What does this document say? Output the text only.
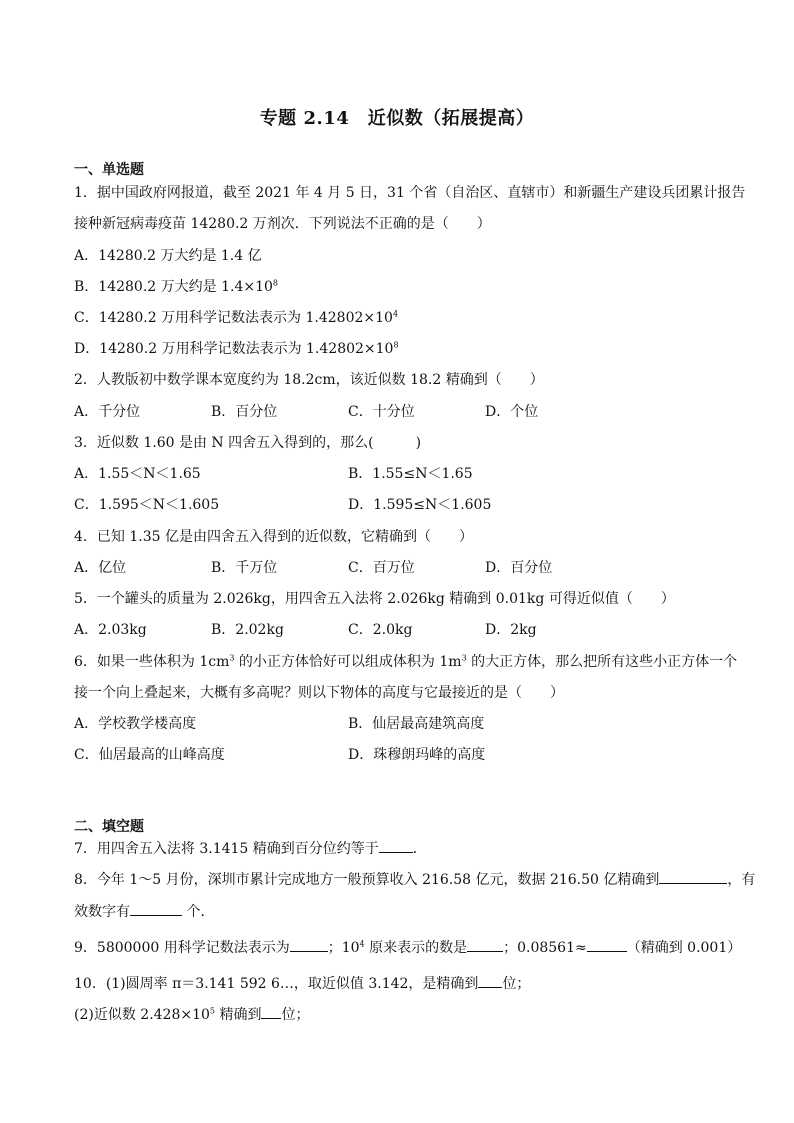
专题 2.14　近似数（拓展提高）
一、单选题
1．据中国政府网报道，截至 2021 年 4 月 5 日，31 个省（自治区、直辖市）和新疆生产建设兵团累计报告
接种新冠病毒疫苗 14280.2 万剂次．下列说法不正确的是（　　）
A．14280.2 万大约是 1.4 亿
B．14280.2 万大约是 $1.4\times 10^8$
C．14280.2 万用科学记数法表示为 $1.42802\times 10^4$
D．14280.2 万用科学记数法表示为 $1.42802\times 10^8$
2．人教版初中数学课本宽度约为 18.2cm，该近似数 18.2 精确到（　　）
A．千分位	B．百分位	C．十分位	D．个位
3．近似数 1.60 是由 N 四舍五入得到的，那么(　　　)
A．1.55＜N＜1.65	B．1.55≤N＜1.65
C．1.595＜N＜1.605	D．1.595≤N＜1.605
4．已知 1.35 亿是由四舍五入得到的近似数，它精确到（　　）
A．亿位	B．千万位	C．百万位	D．百分位
5．一个罐头的质量为 2.026kg，用四舍五入法将 2.026kg 精确到 0.01kg 可得近似值（　　）
A．2.03kg	B．2.02kg	C．2.0kg	D．2kg
6．如果一些体积为 $1cm^3$ 的小正方体恰好可以组成体积为 $1m^3$ 的大正方体，那么把所有这些小正方体一个
接一个向上叠起来，大概有多高呢？则以下物体的高度与它最接近的是（　　）
A．学校教学楼高度	B．仙居最高建筑高度
C．仙居最高的山峰高度	D．珠穆朗玛峰的高度
二、填空题
7．用四舍五入法将 3.1415 精确到百分位约等于 ．
8．今年 1～5 月份，深圳市累计完成地方一般预算收入 216.58 亿元，数据 216.50 亿精确到	，有
效数字有	个．
9．5800000 用科学记数法表示为	；$10^4$ 原来表示的数是	；0.08561≈	（精确到 0.001）
10．(1)圆周率 π＝3.141 592 6…，取近似值 3.142，是精确到 位；
(2)近似数 $2.428\times 10^5$ 精确到 位；
